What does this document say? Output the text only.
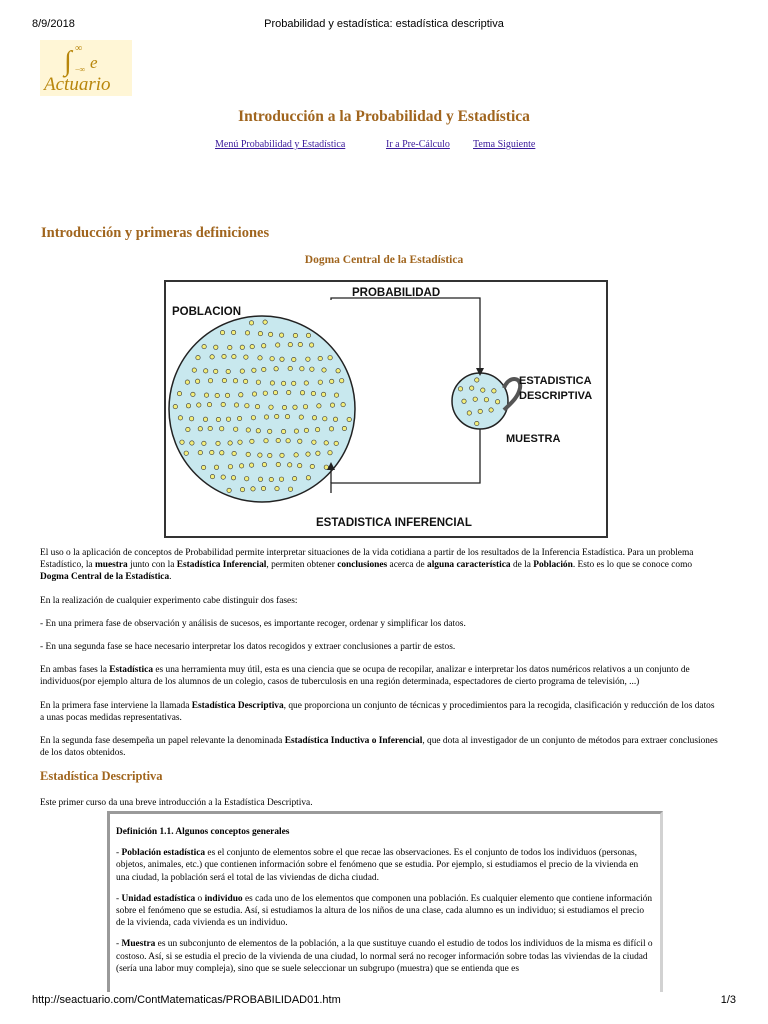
8/9/2018	Probabilidad y estadística: estadística descriptiva
∫ ∞
−∞ e
Actuario
Introducción a la Probabilidad y Estadística
Menú Probabilidad y Estadística	Ir a Pre-Cálculo Tema Siguiente
Introducción y primeras definiciones
Dogma Central de la Estadística
POBLACION
PROBABILIDAD
ESTADISTICA
DESCRIPTIVA
MUESTRA
ESTADISTICA INFERENCIAL

El uso o la aplicación de conceptos de Probabilidad permite interpretar situaciones de la vida cotidiana a partir de los resultados de la Inferencia Estadística. Para un problema Estadístico, la muestra junto con la Estadística Inferencial, permiten obtener conclusiones acerca de alguna característica de la Población. Esto es lo que se conoce como Dogma Central de la Estadística.

En la realización de cualquier experimento cabe distinguir dos fases:

- En una primera fase de observación y análisis de sucesos, es importante recoger, ordenar y simplificar los datos.

- En una segunda fase se hace necesario interpretar los datos recogidos y extraer conclusiones a partir de estos.

En ambas fases la Estadística es una herramienta muy útil, esta es una ciencia que se ocupa de recopilar, analizar e interpretar los datos numéricos relativos a un conjunto de individuos(por ejemplo altura de los alumnos de un colegio, casos de tuberculosis en una región determinada, espectadores de cierto programa de televisión, ...)

En la primera fase interviene la llamada Estadística Descriptiva, que proporciona un conjunto de técnicas y procedimientos para la recogida, clasificación y reducción de los datos a unas pocas medidas representativas.

En la segunda fase desempeña un papel relevante la denominada Estadística Inductiva o Inferencial, que dota al investigador de un conjunto de métodos para extraer conclusiones de los datos obtenidos.

Estadística Descriptiva

Este primer curso da una breve introducción a la Estadística Descriptiva.

Definición 1.1. Algunos conceptos generales

- Población estadística es el conjunto de elementos sobre el que recae las observaciones. Es el conjunto de todos los individuos (personas, objetos, animales, etc.) que contienen información sobre el fenómeno que se estudia. Por ejemplo, si estudiamos el precio de la vivienda en una ciudad, la población será el total de las viviendas de dicha ciudad.

- Unidad estadística o individuo es cada uno de los elementos que componen una población. Es cualquier elemento que contiene información sobre el fenómeno que se estudia. Así, si estudiamos la altura de los niños de una clase, cada alumno es un individuo; si estudiamos el precio de la vivienda, cada vivienda es un individuo.

- Muestra es un subconjunto de elementos de la población, a la que sustituye cuando el estudio de todos los individuos de la misma es difícil o costoso. Así, si se estudia el precio de la vivienda de una ciudad, lo normal será no recoger información sobre todas las viviendas de la ciudad (sería una labor muy compleja), sino que se suele seleccionar un subgrupo (muestra) que se entienda que es

http://seactuario.com/ContMatematicas/PROBABILIDAD01.htm	1/3
